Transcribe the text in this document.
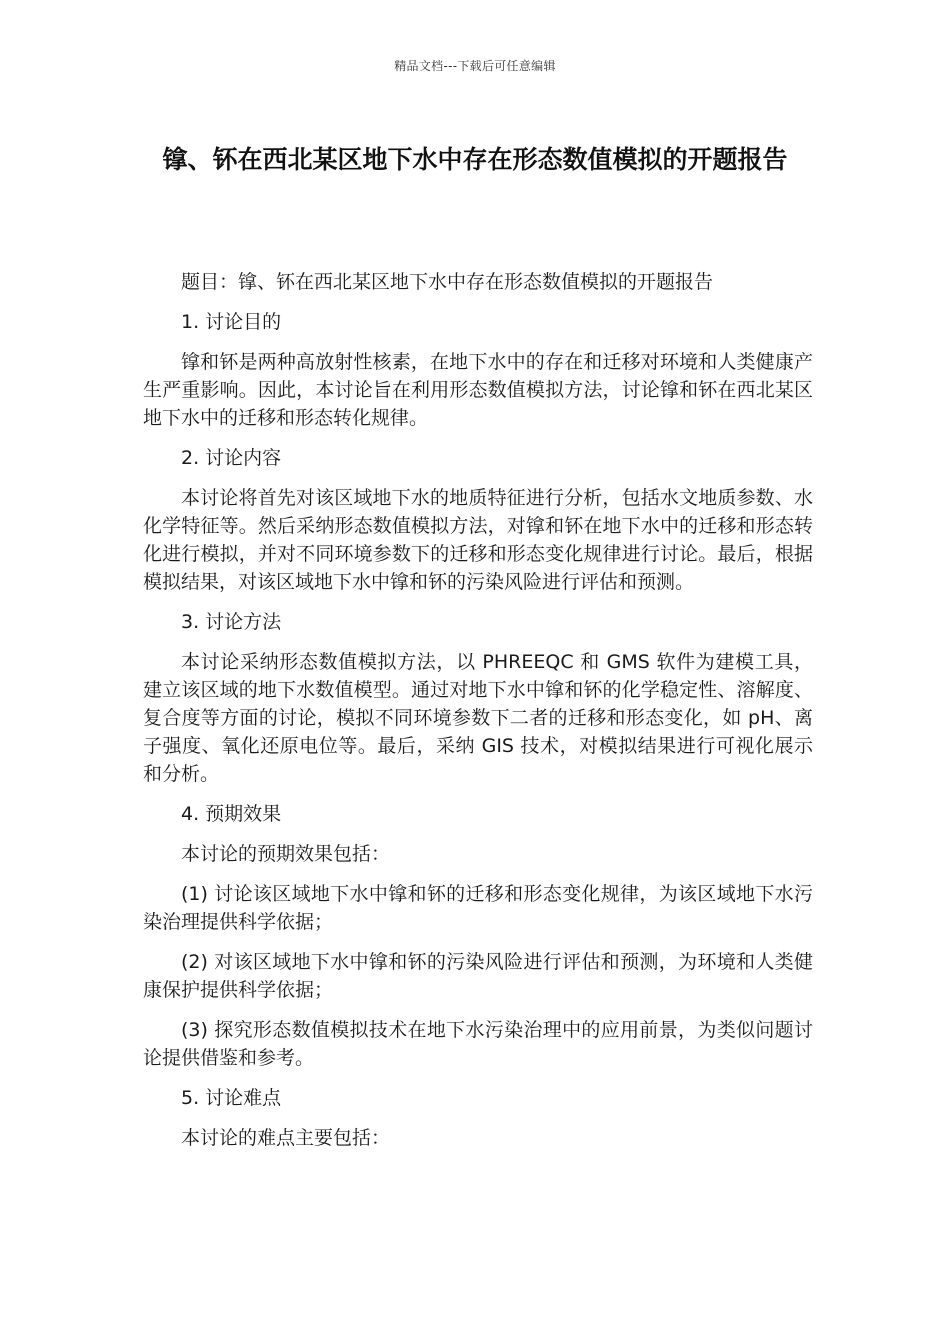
精品文档---下载后可任意编辑
镎、钚在西北某区地下水中存在形态数值模拟的开题报告

题目：镎、钚在西北某区地下水中存在形态数值模拟的开题报告

1. 讨论目的

镎和钚是两种高放射性核素，在地下水中的存在和迁移对环境和人类健康产生严重影响。因此，本讨论旨在利用形态数值模拟方法，讨论镎和钚在西北某区地下水中的迁移和形态转化规律。

2. 讨论内容

本讨论将首先对该区域地下水的地质特征进行分析，包括水文地质参数、水化学特征等。然后采纳形态数值模拟方法，对镎和钚在地下水中的迁移和形态转化进行模拟，并对不同环境参数下的迁移和形态变化规律进行讨论。最后，根据模拟结果，对该区域地下水中镎和钚的污染风险进行评估和预测。

3. 讨论方法

本讨论采纳形态数值模拟方法，以 PHREEQC 和 GMS 软件为建模工具，建立该区域的地下水数值模型。通过对地下水中镎和钚的化学稳定性、溶解度、复合度等方面的讨论，模拟不同环境参数下二者的迁移和形态变化，如 pH、离子强度、氧化还原电位等。最后，采纳 GIS 技术，对模拟结果进行可视化展示和分析。

4. 预期效果

本讨论的预期效果包括：

(1) 讨论该区域地下水中镎和钚的迁移和形态变化规律，为该区域地下水污染治理提供科学依据；

(2) 对该区域地下水中镎和钚的污染风险进行评估和预测，为环境和人类健康保护提供科学依据；

(3) 探究形态数值模拟技术在地下水污染治理中的应用前景，为类似问题讨论提供借鉴和参考。

5. 讨论难点

本讨论的难点主要包括：
